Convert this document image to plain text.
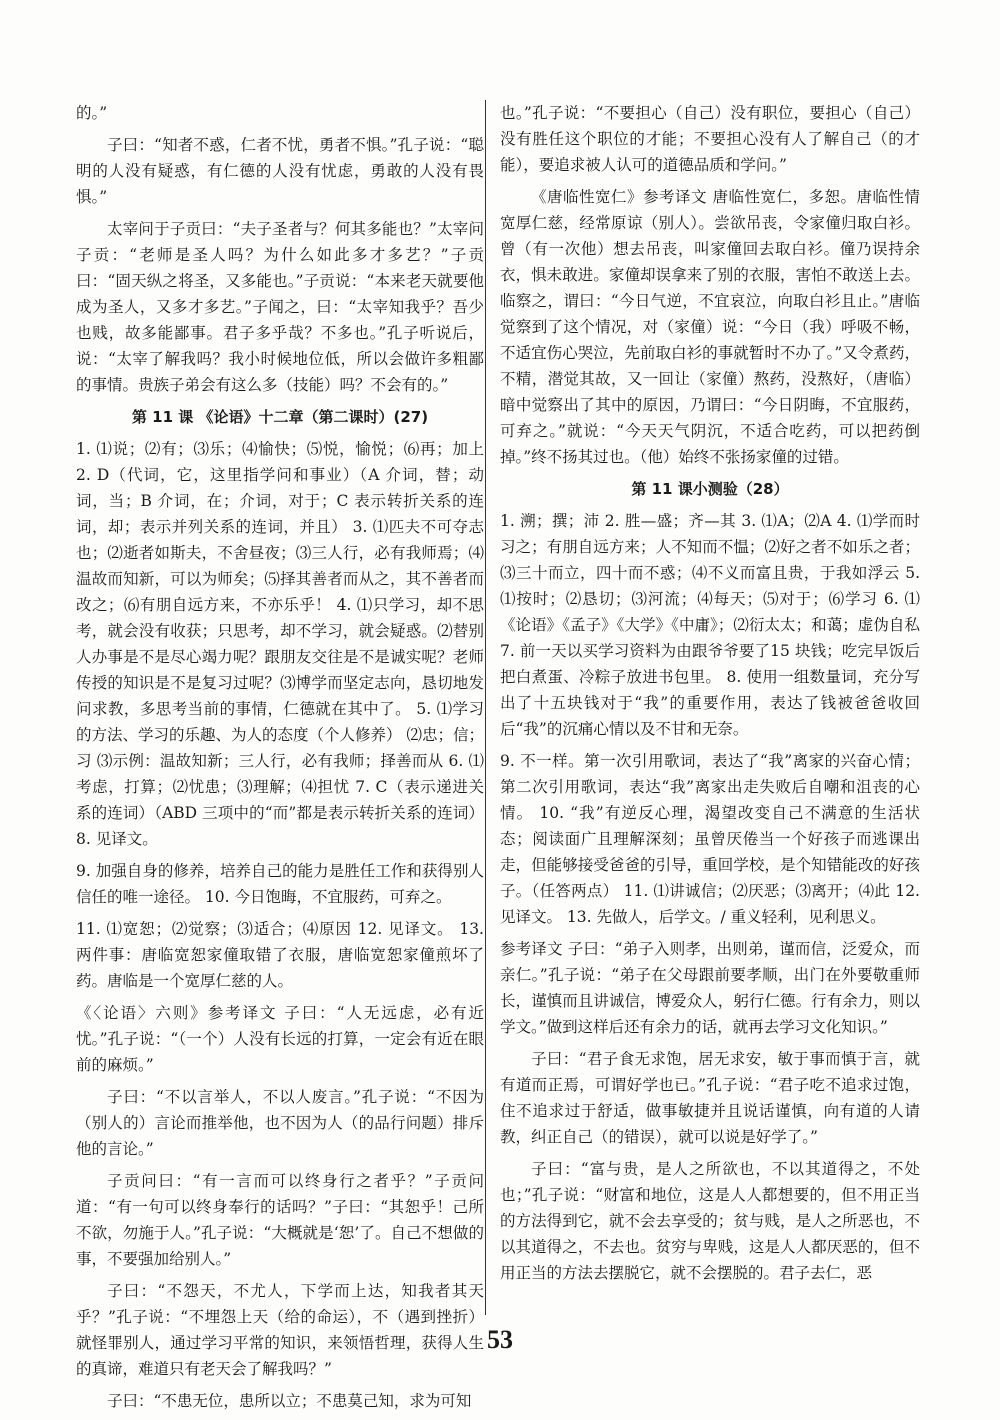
的。”

子曰：“知者不惑，仁者不忧，勇者不惧。”孔子说：“聪明的人没有疑惑，有仁德的人没有忧虑，勇敢的人没有畏惧。”

太宰问于子贡曰：“夫子圣者与？何其多能也？”太宰问子贡：“老师是圣人吗？为什么如此多才多艺？”子贡曰：“固天纵之将圣，又多能也。”子贡说：“本来老天就要他成为圣人，又多才多艺。”子闻之，曰：“太宰知我乎？吾少也贱，故多能鄙事。君子多乎哉？不多也。”孔子听说后，说：“太宰了解我吗？我小时候地位低，所以会做许多粗鄙的事情。贵族子弟会有这么多（技能）吗？不会有的。”

第 11 课 《论语》十二章（第二课时）(27)

1. ⑴说；⑵有；⑶乐；⑷愉快；⑸悦，愉悦；⑹再；加上 2. D（代词，它，这里指学问和事业）（A 介词，替；动词，当；B 介词，在；介词，对于；C 表示转折关系的连词，却；表示并列关系的连词，并且） 3. ⑴匹夫不可夺志也；⑵逝者如斯夫，不舍昼夜；⑶三人行，必有我师焉；⑷温故而知新，可以为师矣；⑸择其善者而从之，其不善者而改之；⑹有朋自远方来，不亦乐乎！ 4. ⑴只学习，却不思考，就会没有收获；只思考，却不学习，就会疑惑。⑵替别人办事是不是尽心竭力呢？跟朋友交往是不是诚实呢？老师传授的知识是不是复习过呢？⑶博学而坚定志向，恳切地发问求教，多思考当前的事情，仁德就在其中了。 5. ⑴学习的方法、学习的乐趣、为人的态度（个人修养） ⑵忠；信；习 ⑶示例：温故知新；三人行，必有我师；择善而从 6. ⑴考虑，打算；⑵忧患；⑶理解；⑷担忧 7. C（表示递进关系的连词）（ABD 三项中的“而”都是表示转折关系的连词） 8. 见译文。

9. 加强自身的修养，培养自己的能力是胜任工作和获得别人信任的唯一途径。 10. 今日饱晦，不宜服药，可弃之。

11. ⑴宽恕；⑵觉察；⑶适合；⑷原因 12. 见译文。 13. 两件事：唐临宽恕家僮取错了衣服，唐临宽恕家僮煎坏了药。唐临是一个宽厚仁慈的人。

《〈论语〉六则》参考译文 子曰：“人无远虑，必有近忧。”孔子说：“（一个）人没有长远的打算，一定会有近在眼前的麻烦。”

子曰：“不以言举人，不以人废言。”孔子说：“不因为（别人的）言论而推举他，也不因为人（的品行问题）排斥他的言论。”

子贡问曰：“有一言而可以终身行之者乎？”子贡问道：“有一句可以终身奉行的话吗？”子曰：“其恕乎！己所不欲，勿施于人。”孔子说：“大概就是‘恕’了。自己不想做的事，不要强加给别人。”

子曰：“不怨天，不尤人，下学而上达，知我者其天乎？”孔子说：“不埋怨上天（给的命运），不（遇到挫折）就怪罪别人，通过学习平常的知识，来领悟哲理，获得人生的真谛，难道只有老天会了解我吗？”

子曰：“不患无位，患所以立；不患莫己知，求为可知

也。”孔子说：“不要担心（自己）没有职位，要担心（自己）没有胜任这个职位的才能；不要担心没有人了解自己（的才能），要追求被人认可的道德品质和学问。”

《唐临性宽仁》参考译文 唐临性宽仁，多恕。唐临性情宽厚仁慈，经常原谅（别人）。尝欲吊丧，令家僮归取白衫。曾（有一次他）想去吊丧，叫家僮回去取白衫。僮乃误持余衣，惧未敢进。家僮却误拿来了别的衣服，害怕不敢送上去。临察之，谓曰：“今日气逆，不宜哀泣，向取白衫且止。”唐临觉察到了这个情况，对（家僮）说：“今日（我）呼吸不畅，不适宜伤心哭泣，先前取白衫的事就暂时不办了。”又令煮药，不精，潜觉其故，又一回让（家僮）熬药，没熬好，（唐临）暗中觉察出了其中的原因，乃谓曰：“今日阴晦，不宜服药，可弃之。”就说：“今天天气阴沉，不适合吃药，可以把药倒掉。”终不扬其过也。（他）始终不张扬家僮的过错。

第 11 课小测验（28）

1. 溯；撰；沛 2. 胜—盛；齐—其 3. ⑴A；⑵A 4. ⑴学而时习之；有朋自远方来；人不知而不愠；⑵好之者不如乐之者；⑶三十而立，四十而不惑；⑷不义而富且贵，于我如浮云 5. ⑴按时；⑵恳切；⑶河流；⑷每天；⑸对于；⑹学习 6. ⑴《论语》《孟子》《大学》《中庸》；⑵衍太太；和蔼；虚伪自私 7. 前一天以买学习资料为由跟爷爷要了15 块钱；吃完早饭后把白煮蛋、冷粽子放进书包里。 8. 使用一组数量词，充分写出了十五块钱对于“我”的重要作用，表达了钱被爸爸收回后“我”的沉痛心情以及不甘和无奈。

9. 不一样。第一次引用歌词，表达了“我”离家的兴奋心情；第二次引用歌词，表达“我”离家出走失败后自嘲和沮丧的心情。 10. “我”有逆反心理，渴望改变自己不满意的生活状态；阅读面广且理解深刻；虽曾厌倦当一个好孩子而逃课出走，但能够接受爸爸的引导，重回学校，是个知错能改的好孩子。（任答两点） 11. ⑴讲诚信；⑵厌恶；⑶离开；⑷此 12. 见译文。 13. 先做人，后学文。/ 重义轻利，见利思义。

参考译文 子曰：“弟子入则孝，出则弟，谨而信，泛爱众，而亲仁。”孔子说：“弟子在父母跟前要孝顺，出门在外要敬重师长，谨慎而且讲诚信，博爱众人，躬行仁德。行有余力，则以学文。”做到这样后还有余力的话，就再去学习文化知识。”

子曰：“君子食无求饱，居无求安，敏于事而慎于言，就有道而正焉，可谓好学也已。”孔子说：“君子吃不追求过饱，住不追求过于舒适，做事敏捷并且说话谨慎，向有道的人请教，纠正自己（的错误），就可以说是好学了。”

子曰：“富与贵，是人之所欲也，不以其道得之，不处也；”孔子说：“财富和地位，这是人人都想要的，但不用正当的方法得到它，就不会去享受的；贫与贱，是人之所恶也，不以其道得之，不去也。贫穷与卑贱，这是人人都厌恶的，但不用正当的方法去摆脱它，就不会摆脱的。君子去仁，恶

53
